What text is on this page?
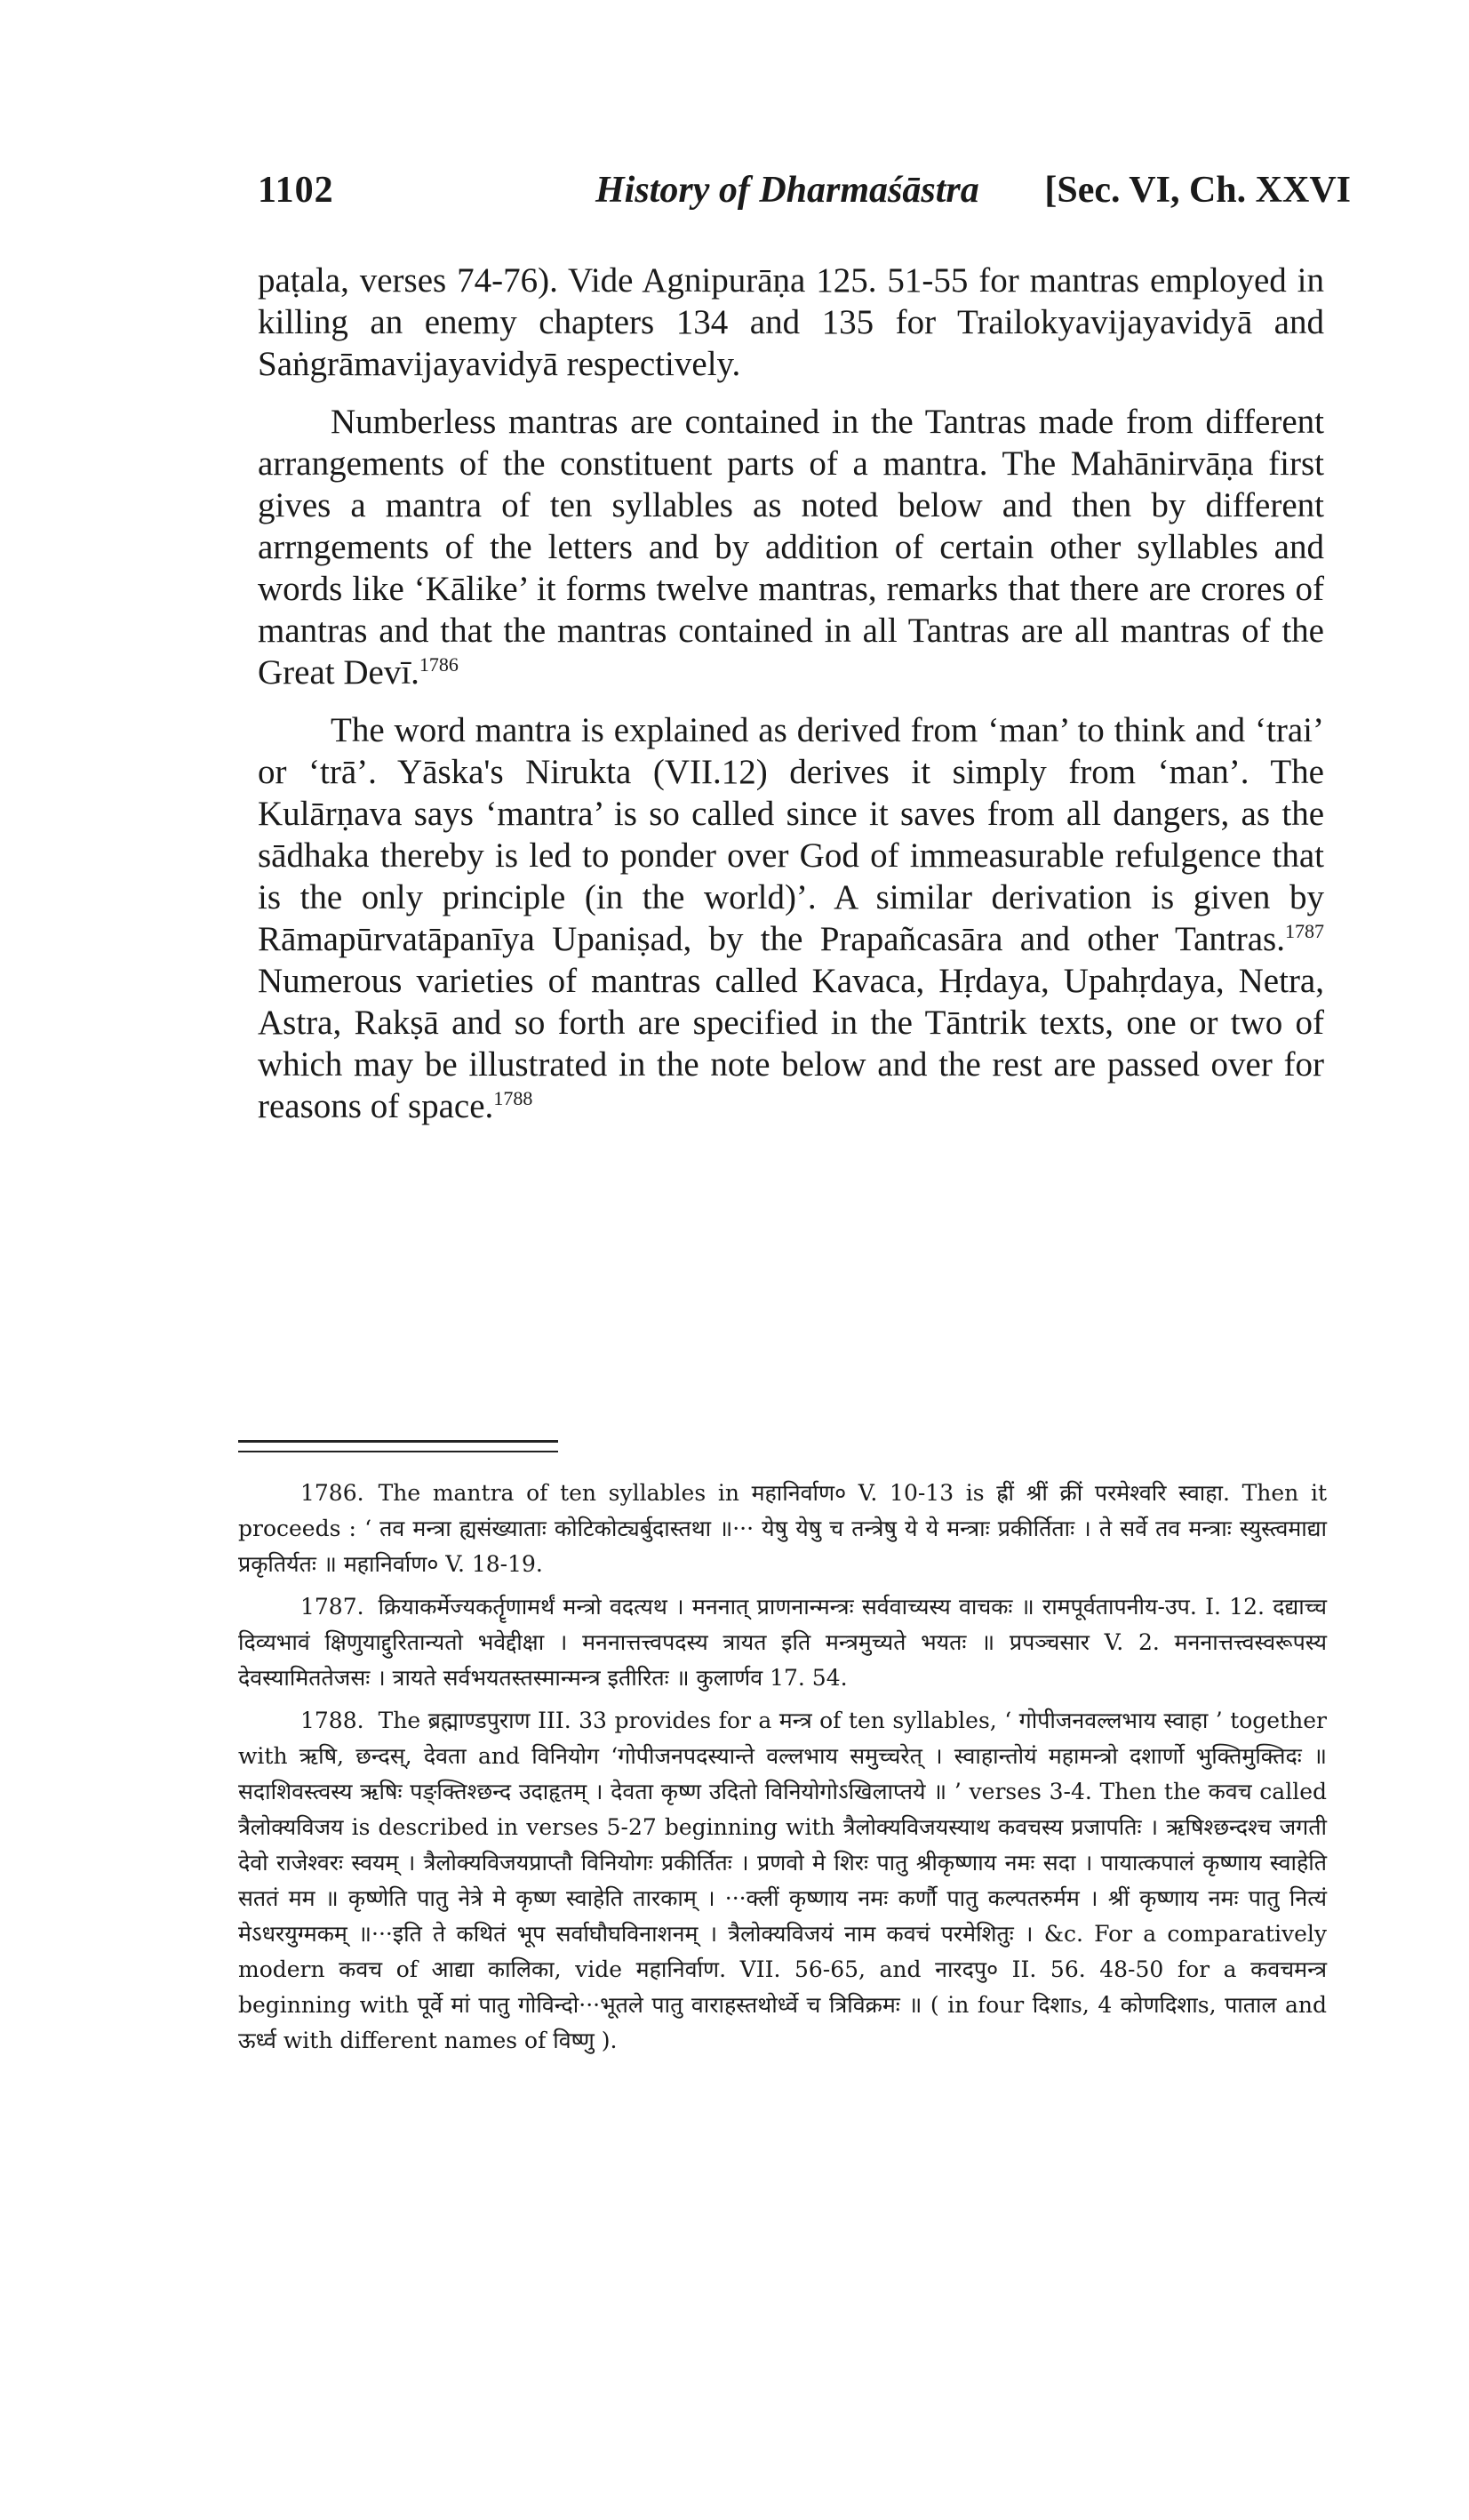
1102	History of Dharmaśāstra [Sec. VI, Ch. XXVI

paṭala, verses 74-76). Vide Agnipurāṇa 125. 51-55 for mantras employed in killing an enemy chapters 134 and 135 for Trailokyavijayavidyā and Saṅgrāmavijayavidyā respectively.

Numberless mantras are contained in the Tantras made from different arrangements of the constituent parts of a mantra. The Mahānirvāṇa first gives a mantra of ten syllables as noted below and then by different arrngements of the letters and by addition of certain other syllables and words like ‘Kālike’ it forms twelve mantras, remarks that there are crores of mantras and that the mantras contained in all Tantras are all mantras of the Great Devī.$^{1786}$

The word mantra is explained as derived from ‘man’ to think and ‘trai’ or ‘trā’. Yāska's Nirukta (VII.12) derives it simply from ‘man’. The Kulārṇava says ‘mantra’ is so called since it saves from all dangers, as the sādhaka thereby is led to ponder over God of immeasurable refulgence that is the only principle (in the world)’. A similar derivation is given by Rāmapūrvatāpanīya Upaniṣad, by the Prapañcasāra and other Tantras.$^{1787}$ Numerous varieties of mantras called Kavaca, Hṛdaya, Upahṛdaya, Netra, Astra, Rakṣā and so forth are specified in the Tāntrik texts, one or two of which may be illustrated in the note below and the rest are passed over for reasons of space.$^{1788}$

1786. The mantra of ten syllables in महानिर्वाण० V. 10-13 is ह्रीं श्रीं क्रीं परमेश्वरि स्वाहा. Then it proceeds : ‘ तव मन्त्रा ह्यसंख्याताः कोटिकोट्यर्बुदास्तथा ॥··· येषु येषु च तन्त्रेषु ये ये मन्त्राः प्रकीर्तिताः । ते सर्वे तव मन्त्राः स्युस्त्वमाद्या प्रकृतिर्यतः ॥ महानिर्वाण० V. 18-19.

1787. क्रियाकर्मेज्यकर्तॄणामर्थं मन्त्रो वदत्यथ । मननात् प्राणनान्मन्त्रः सर्ववाच्यस्य वाचकः ॥ रामपूर्वतापनीय-उप. I. 12. दद्याच्च दिव्यभावं क्षिणुयाद्दुरितान्यतो भवेद्दीक्षा । मननात्तत्त्वपदस्य त्रायत इति मन्त्रमुच्यते भयतः ॥ प्रपञ्चसार V. 2. मननात्तत्त्वस्वरूपस्य देवस्यामिततेजसः । त्रायते सर्वभयतस्तस्मान्मन्त्र इतीरितः ॥ कुलार्णव 17. 54.

1788. The ब्रह्माण्डपुराण III. 33 provides for a मन्त्र of ten syllables, ‘ गोपीजनवल्लभाय स्वाहा ’ together with ऋषि, छन्दस्, देवता and विनियोग ‘गोपीजनपदस्यान्ते वल्लभाय समुच्चरेत् । स्वाहान्तोयं महामन्त्रो दशार्णो भुक्तिमुक्तिदः ॥ सदाशिवस्त्वस्य ऋषिः पङ्क्तिश्छन्द उदाहृतम् । देवता कृष्ण उदितो विनियोगोऽखिलाप्तये ॥ ’ verses 3-4. Then the कवच called त्रैलोक्यविजय is described in verses 5-27 beginning with त्रैलोक्यविजयस्याथ कवचस्य प्रजापतिः । ऋषिश्छन्दश्च जगती देवो राजेश्वरः स्वयम् । त्रैलोक्यविजयप्राप्तौ विनियोगः प्रकीर्तितः । प्रणवो मे शिरः पातु श्रीकृष्णाय नमः सदा । पायात्कपालं कृष्णाय स्वाहेति सततं मम ॥ कृष्णेति पातु नेत्रे मे कृष्ण स्वाहेति तारकाम् । ···क्लीं कृष्णाय नमः कर्णौ पातु कल्पतरुर्मम । श्रीं कृष्णाय नमः पातु नित्यं मेऽधरयुग्मकम् ॥···इति ते कथितं भूप सर्वाघौघविनाशनम् । त्रैलोक्यविजयं नाम कवचं परमेशितुः । &c. For a comparatively modern कवच of आद्या कालिका, vide महानिर्वाण. VII. 56-65, and नारदपु० II. 56. 48-50 for a कवचमन्त्र beginning with पूर्वे मां पातु गोविन्दो···भूतले पातु वाराहस्तथोर्ध्वे च त्रिविक्रमः ॥ ( in four दिशाs, 4 कोणदिशाs, पाताल and ऊर्ध्व with different names of विष्णु ).
